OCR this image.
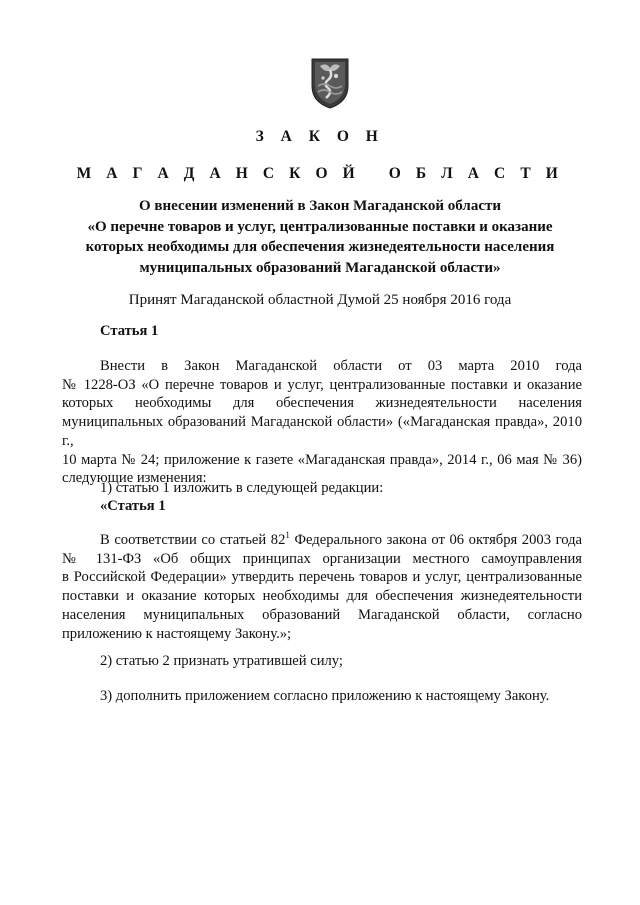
З А К О Н
М А Г А Д А Н С К О Й   О Б Л А С Т И
О внесении изменений в Закон Магаданской области
«О перечне товаров и услуг, централизованные поставки и оказание
которых необходимы для обеспечения жизнедеятельности населения
муниципальных образований Магаданской области»
Принят Магаданской областной Думой 25 ноября 2016 года
Статья 1
Внести в Закон Магаданской области от 03 марта 2010 года
№ 1228-ОЗ «О перечне товаров и услуг, централизованные поставки и оказание
которых необходимы для обеспечения жизнедеятельности населения
муниципальных образований Магаданской области» («Магаданская правда», 2010 г.,
10 марта № 24; приложение к газете «Магаданская правда», 2014 г., 06 мая № 36)
следующие изменения:
1) статью 1 изложить в следующей редакции:
«Статья 1
В соответствии со статьей $82^1$ Федерального закона от 06 октября 2003 года
№ 131-ФЗ «Об общих принципах организации местного самоуправления
в Российской Федерации» утвердить перечень товаров и услуг, централизованные
поставки и оказание которых необходимы для обеспечения жизнедеятельности
населения муниципальных образований Магаданской области, согласно
приложению к настоящему Закону.»;
2) статью 2 признать утратившей силу;
3) дополнить приложением согласно приложению к настоящему Закону.
